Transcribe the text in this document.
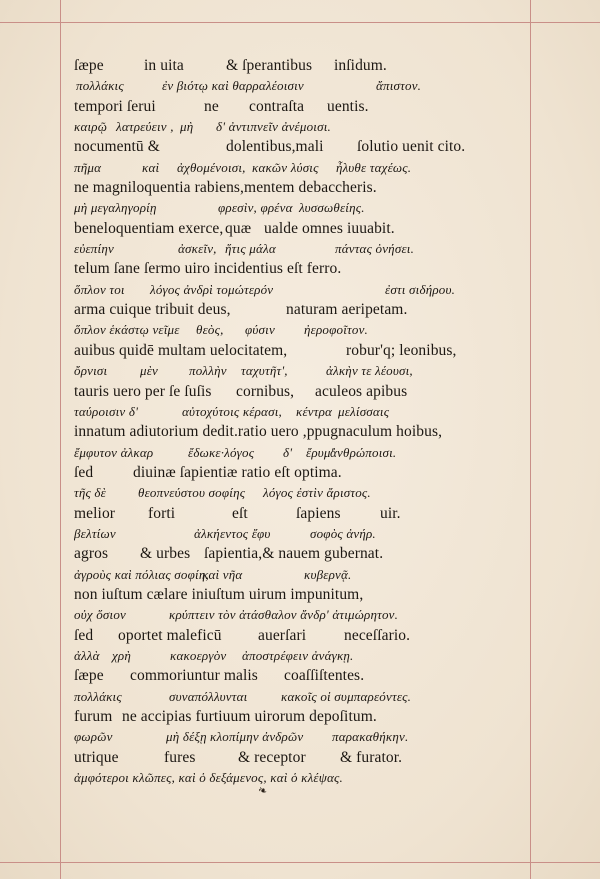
ſæpe	in uita	& ſperantibus inſidum.
πολλάκις	ἐν βιότῳ καὶ θαρραλέοισιν	ἄπιστον.
tempori ſerui	ne contraſta uentis.
καιρῷ λατρεύειν , μὴ δ' ἀντιπνεῖν ἀνέμοισι.
nocumentū &	dolentibus,mali ſolutio uenit cito.
πῆμα	καὶ ἀχθομένοισι, κακῶν λύσις ἦλυθε ταχέως.
ne magniloquentia rabiens,mentem debaccheris.
μὴ μεγαληγορίῃ	φρεσὶν, φρένα λυσσωθείης.
beneloquentiam exerce, quæ ualde omnes iuuabit.
εὐεπίην	ἀσκεῖν, ἥτις μάλα	πάντας ὀνήσει.
telum ſane ſermo uiro incidentius eſt ferro.
ὅπλον τοι λόγος ἀνδρὶ τομώτερόν	ἐστι σιδήρου.
arma cuique tribuit deus,	naturam aeripetam.
ὅπλον ἑκάστῳ νεῖμε θεὸς, φύσιν ἠεροφοῖτον.
auibus quidē multam uelocitatem,	robur'q; leonibus,
ὄρνισι	μὲν πολλὴν ταχυτῆτ',	ἀλκὴν τε λέουσι,
tauris uero per ſe ſuſis cornibus, aculeos apibus
ταύροισιν δ'	αὐτοχύτοις κέρασι, κέντρα μελίσσαις
innatum adiutorium dedit.ratio uero ,ppugnaculum hoibus,
ἔμφυτον ἀλκαρ	ἔδωκε·λόγος δ' ἔρυμ'
ἀνθρώποισι.
ſed	diuinæ ſapientiæ ratio eſt optima.
τῆς δὲ θεοπνεύστου σοφίης λόγος ἐστὶν ἄριστος.
melior forti	eſt	ſapiens	uir.
βελτίων	ἀλκήεντος ἔφυ	σοφὸς ἀνήρ.
agros & urbes ſapientia,& nauem gubernat.
ἀγροὺς καὶ πόλιας σοφίη,
καὶ νῆα	κυβερνᾷ.
non iuſtum cælare iniuſtum uirum impunitum,
οὐχ ὅσιον	κρύπτειν τὸν ἀτάσθαλον ἄνδρ' ἀτιμώρητον.
ſed oportet maleficū auerſari neceſſario.
ἀλλὰ χρὴ	κακοεργὸν ἀποστρέφειν ἀνάγκῃ.
ſæpe commoriuntur malis coaſſiſtentes.
πολλάκις	συναπόλλυνται	κακοῖς οἱ συμπαρεόντες.
furum ne accipias furtiuum uirorum depoſitum.
φωρῶν	μὴ δέξῃ κλοπίμην ἀνδρῶν παρακαθήκην.
utrique	fures	& receptor & furator.
ἀμφότεροι κλῶπες, καὶ ὁ δεξάμενος, καὶ ὁ κλέψας.
❧
